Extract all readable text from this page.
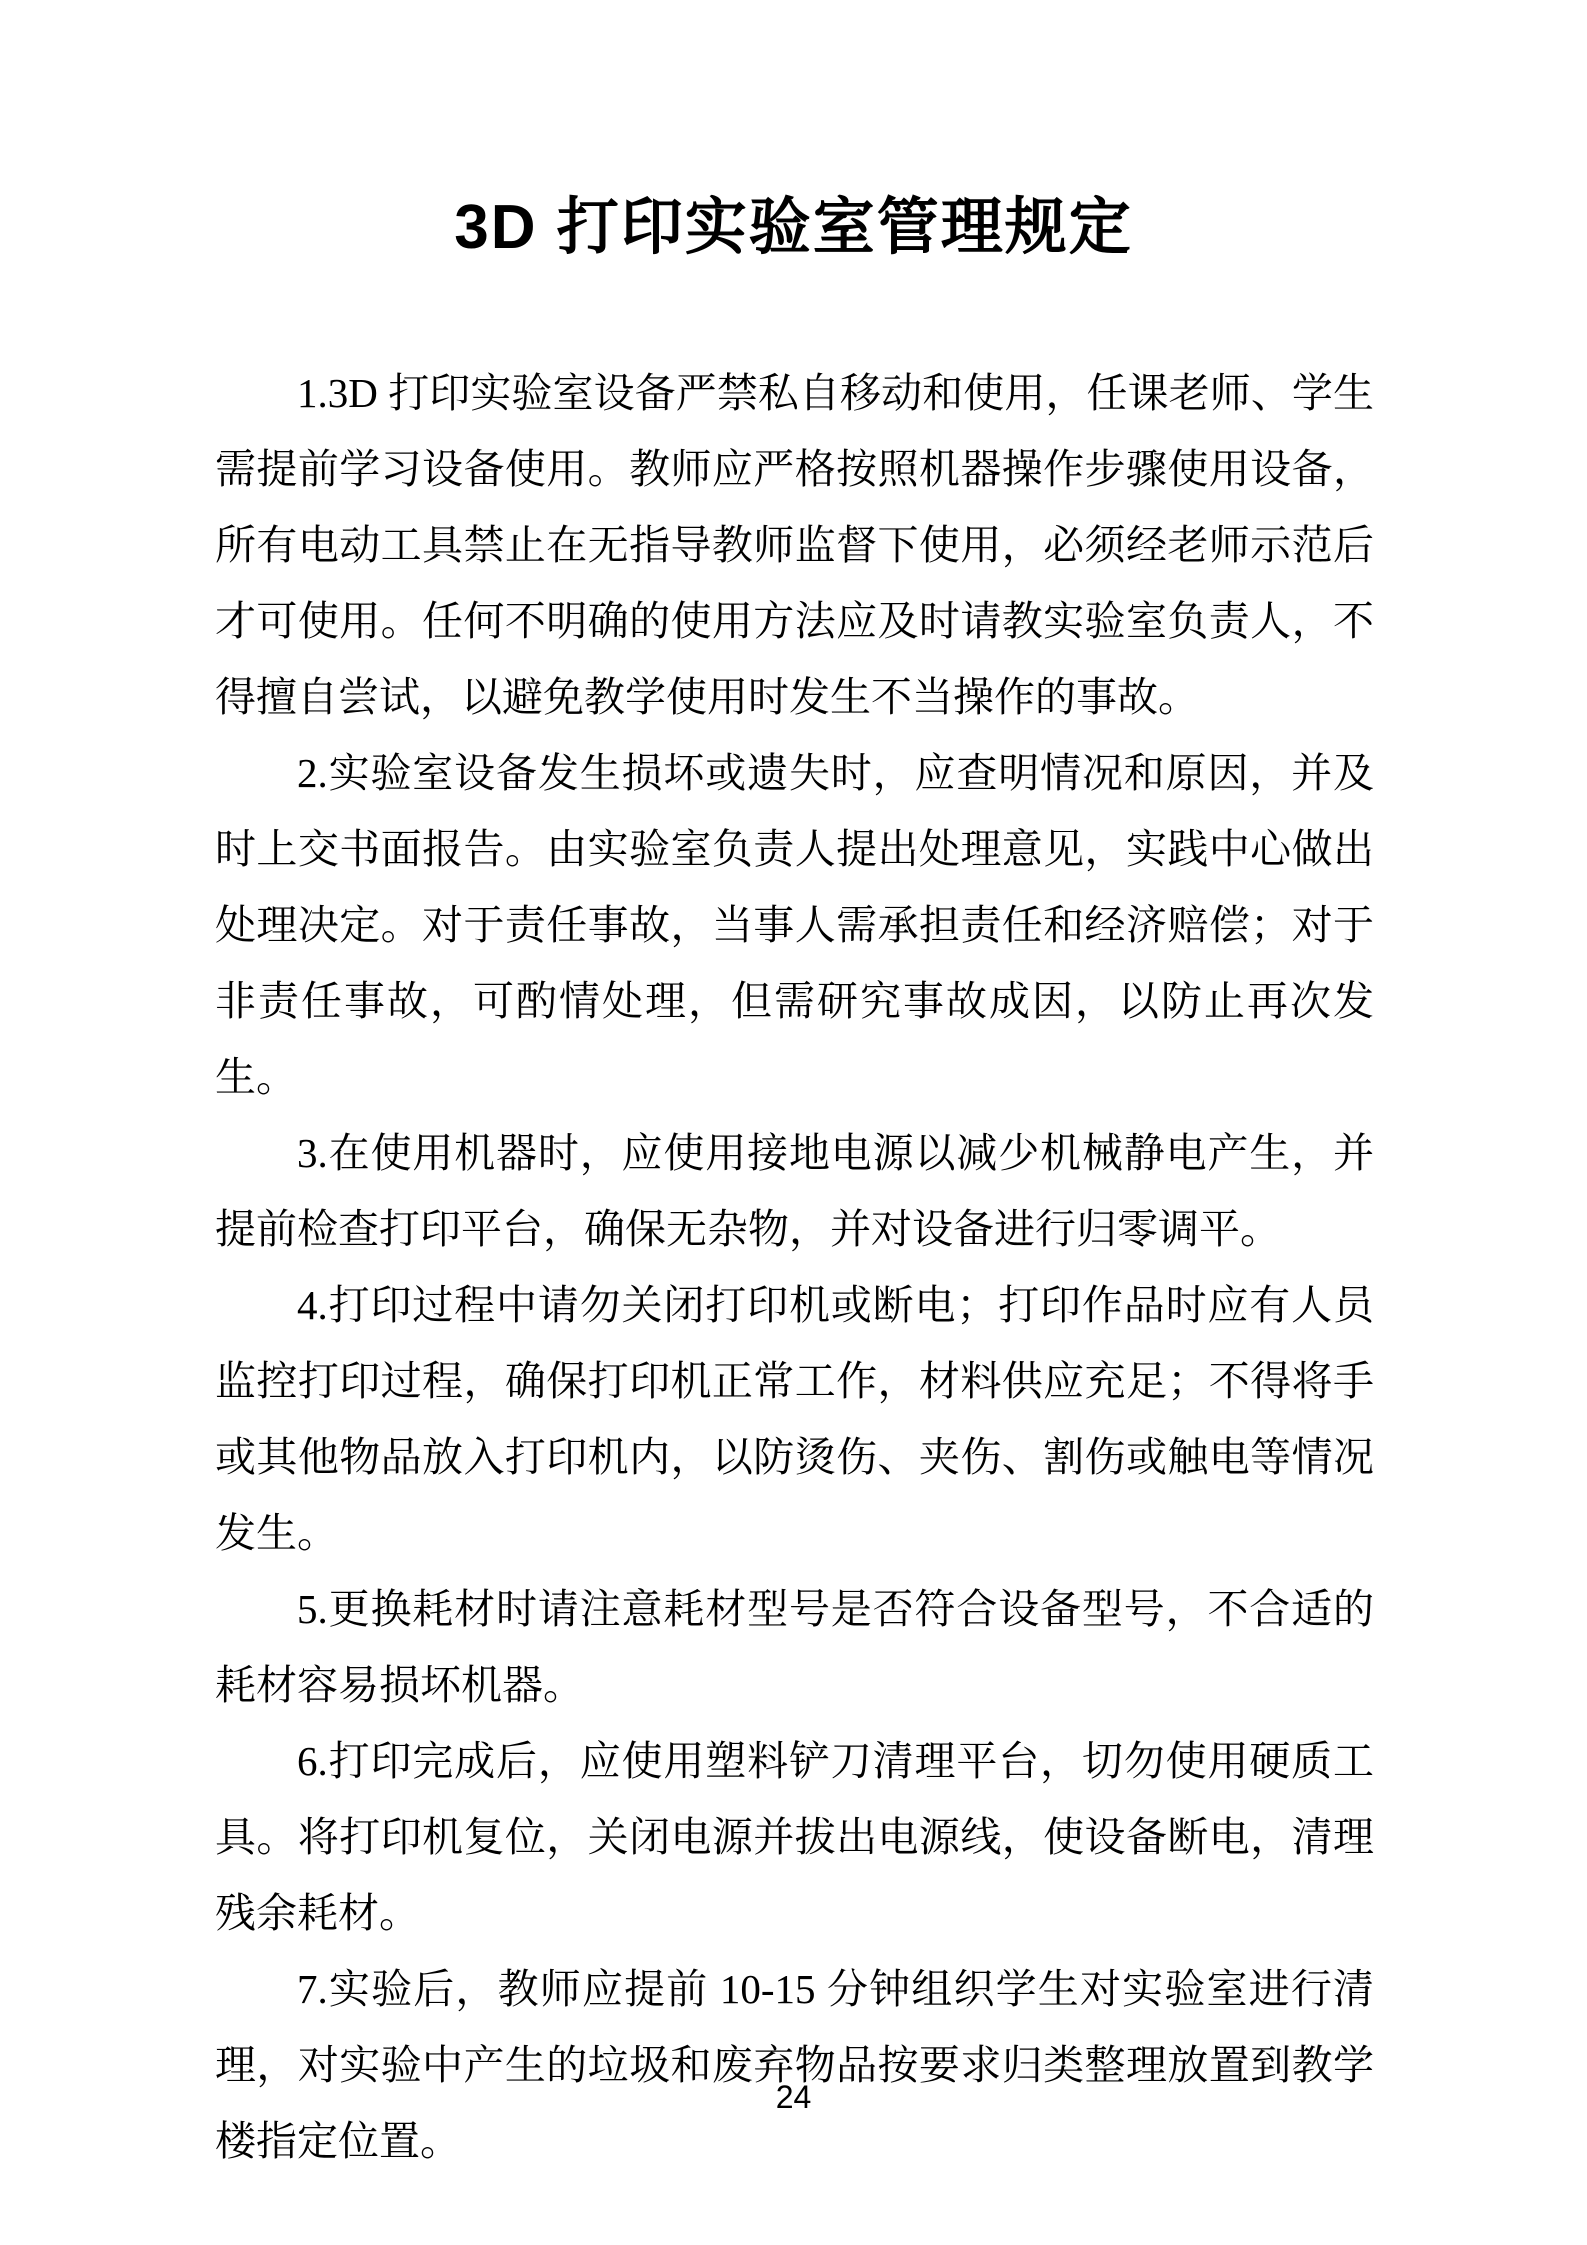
3D 打印实验室管理规定

1.3D 打印实验室设备严禁私自移动和使用，任课老师、学生需提前学习设备使用。教师应严格按照机器操作步骤使用设备，所有电动工具禁止在无指导教师监督下使用，必须经老师示范后才可使用。任何不明确的使用方法应及时请教实验室负责人，不得擅自尝试，以避免教学使用时发生不当操作的事故。

2.实验室设备发生损坏或遗失时，应查明情况和原因，并及时上交书面报告。由实验室负责人提出处理意见，实践中心做出处理决定。对于责任事故，当事人需承担责任和经济赔偿；对于非责任事故，可酌情处理，但需研究事故成因，以防止再次发生。

3.在使用机器时，应使用接地电源以减少机械静电产生，并提前检查打印平台，确保无杂物，并对设备进行归零调平。

4.打印过程中请勿关闭打印机或断电；打印作品时应有人员监控打印过程，确保打印机正常工作，材料供应充足；不得将手或其他物品放入打印机内，以防烫伤、夹伤、割伤或触电等情况发生。

5.更换耗材时请注意耗材型号是否符合设备型号，不合适的耗材容易损坏机器。

6.打印完成后，应使用塑料铲刀清理平台，切勿使用硬质工具。将打印机复位，关闭电源并拔出电源线，使设备断电，清理残余耗材。

7.实验后，教师应提前 10-15 分钟组织学生对实验室进行清理，对实验中产生的垃圾和废弃物品按要求归类整理放置到教学楼指定位置。

24
